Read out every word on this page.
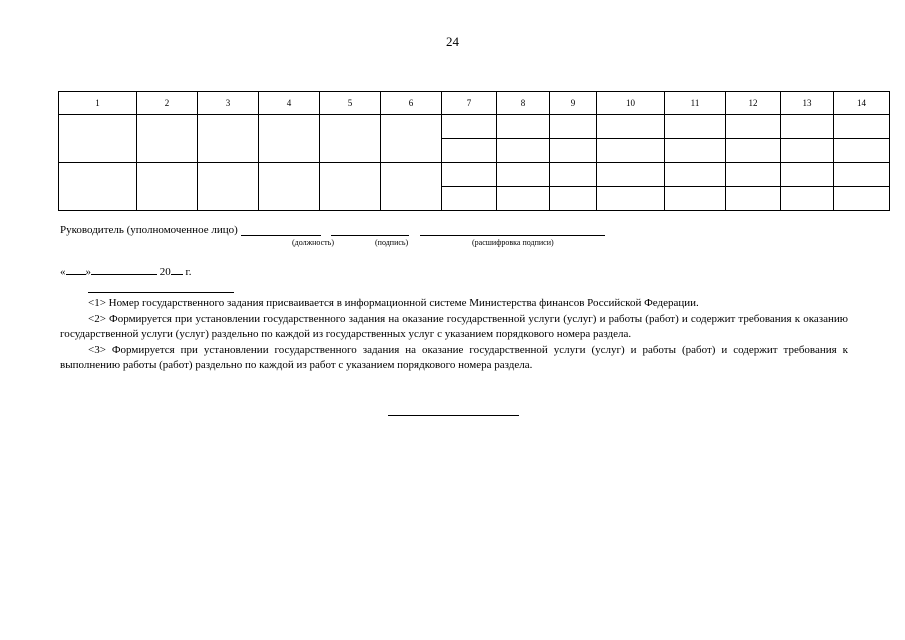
24
1	2	3	4	5	6	7	8	9	10	11	12	13	14

Руководитель (уполномоченное лицо)
(должность)	(подпись)	(расшифровка подписи)
« »	20 г.

<1> Номер государственного задания присваивается в информационной системе Министерства финансов Российской Федерации.

<2> Формируется при установлении государственного задания на оказание государственной услуги (услуг) и работы (работ) и содержит требования к оказанию государственной услуги (услуг) раздельно по каждой из государственных услуг с указанием порядкового номера раздела.

<3> Формируется при установлении государственного задания на оказание государственной услуги (услуг) и работы (работ) и содержит требования к выполнению работы (работ) раздельно по каждой из работ с указанием порядкового номера раздела.
